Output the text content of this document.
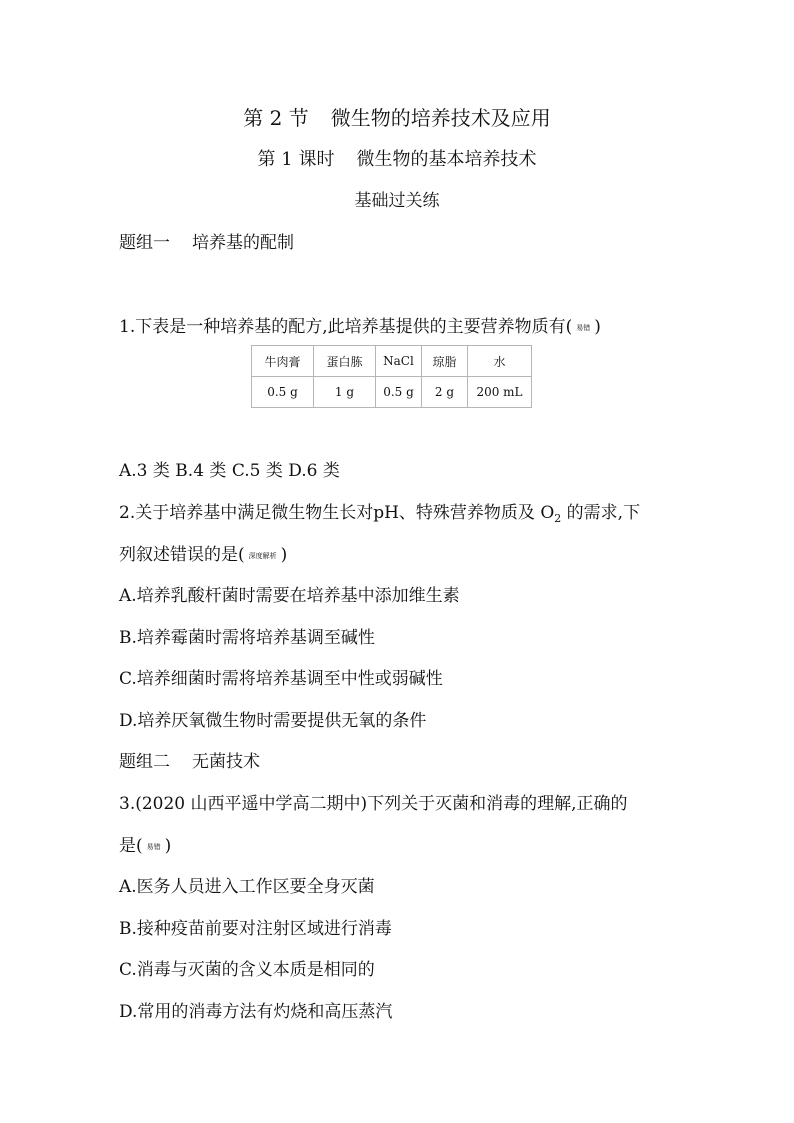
第 2 节 微生物的培养技术及应用
第 1 课时 微生物的基本培养技术
基础过关练
题组一 培养基的配制
1.下表是一种培养基的配方,此培养基提供的主要营养物质有( 易错 )
牛肉膏	蛋白胨	NaCl	琼脂	水
0.5 g	1 g	0.5 g	2 g	200 mL
A.3 类 B.4 类 C.5 类 D.6 类
2.关于培养基中满足微生物生长对pH、特殊营养物质及 $O_2$ 的需求,下
列叙述错误的是( 深度解析 )
A.培养乳酸杆菌时需要在培养基中添加维生素
B.培养霉菌时需将培养基调至碱性
C.培养细菌时需将培养基调至中性或弱碱性
D.培养厌氧微生物时需要提供无氧的条件
题组二 无菌技术
3.(2020 山西平遥中学高二期中)下列关于灭菌和消毒的理解,正确的
是( 易错 )
A.医务人员进入工作区要全身灭菌
B.接种疫苗前要对注射区域进行消毒
C.消毒与灭菌的含义本质是相同的
D.常用的消毒方法有灼烧和高压蒸汽
